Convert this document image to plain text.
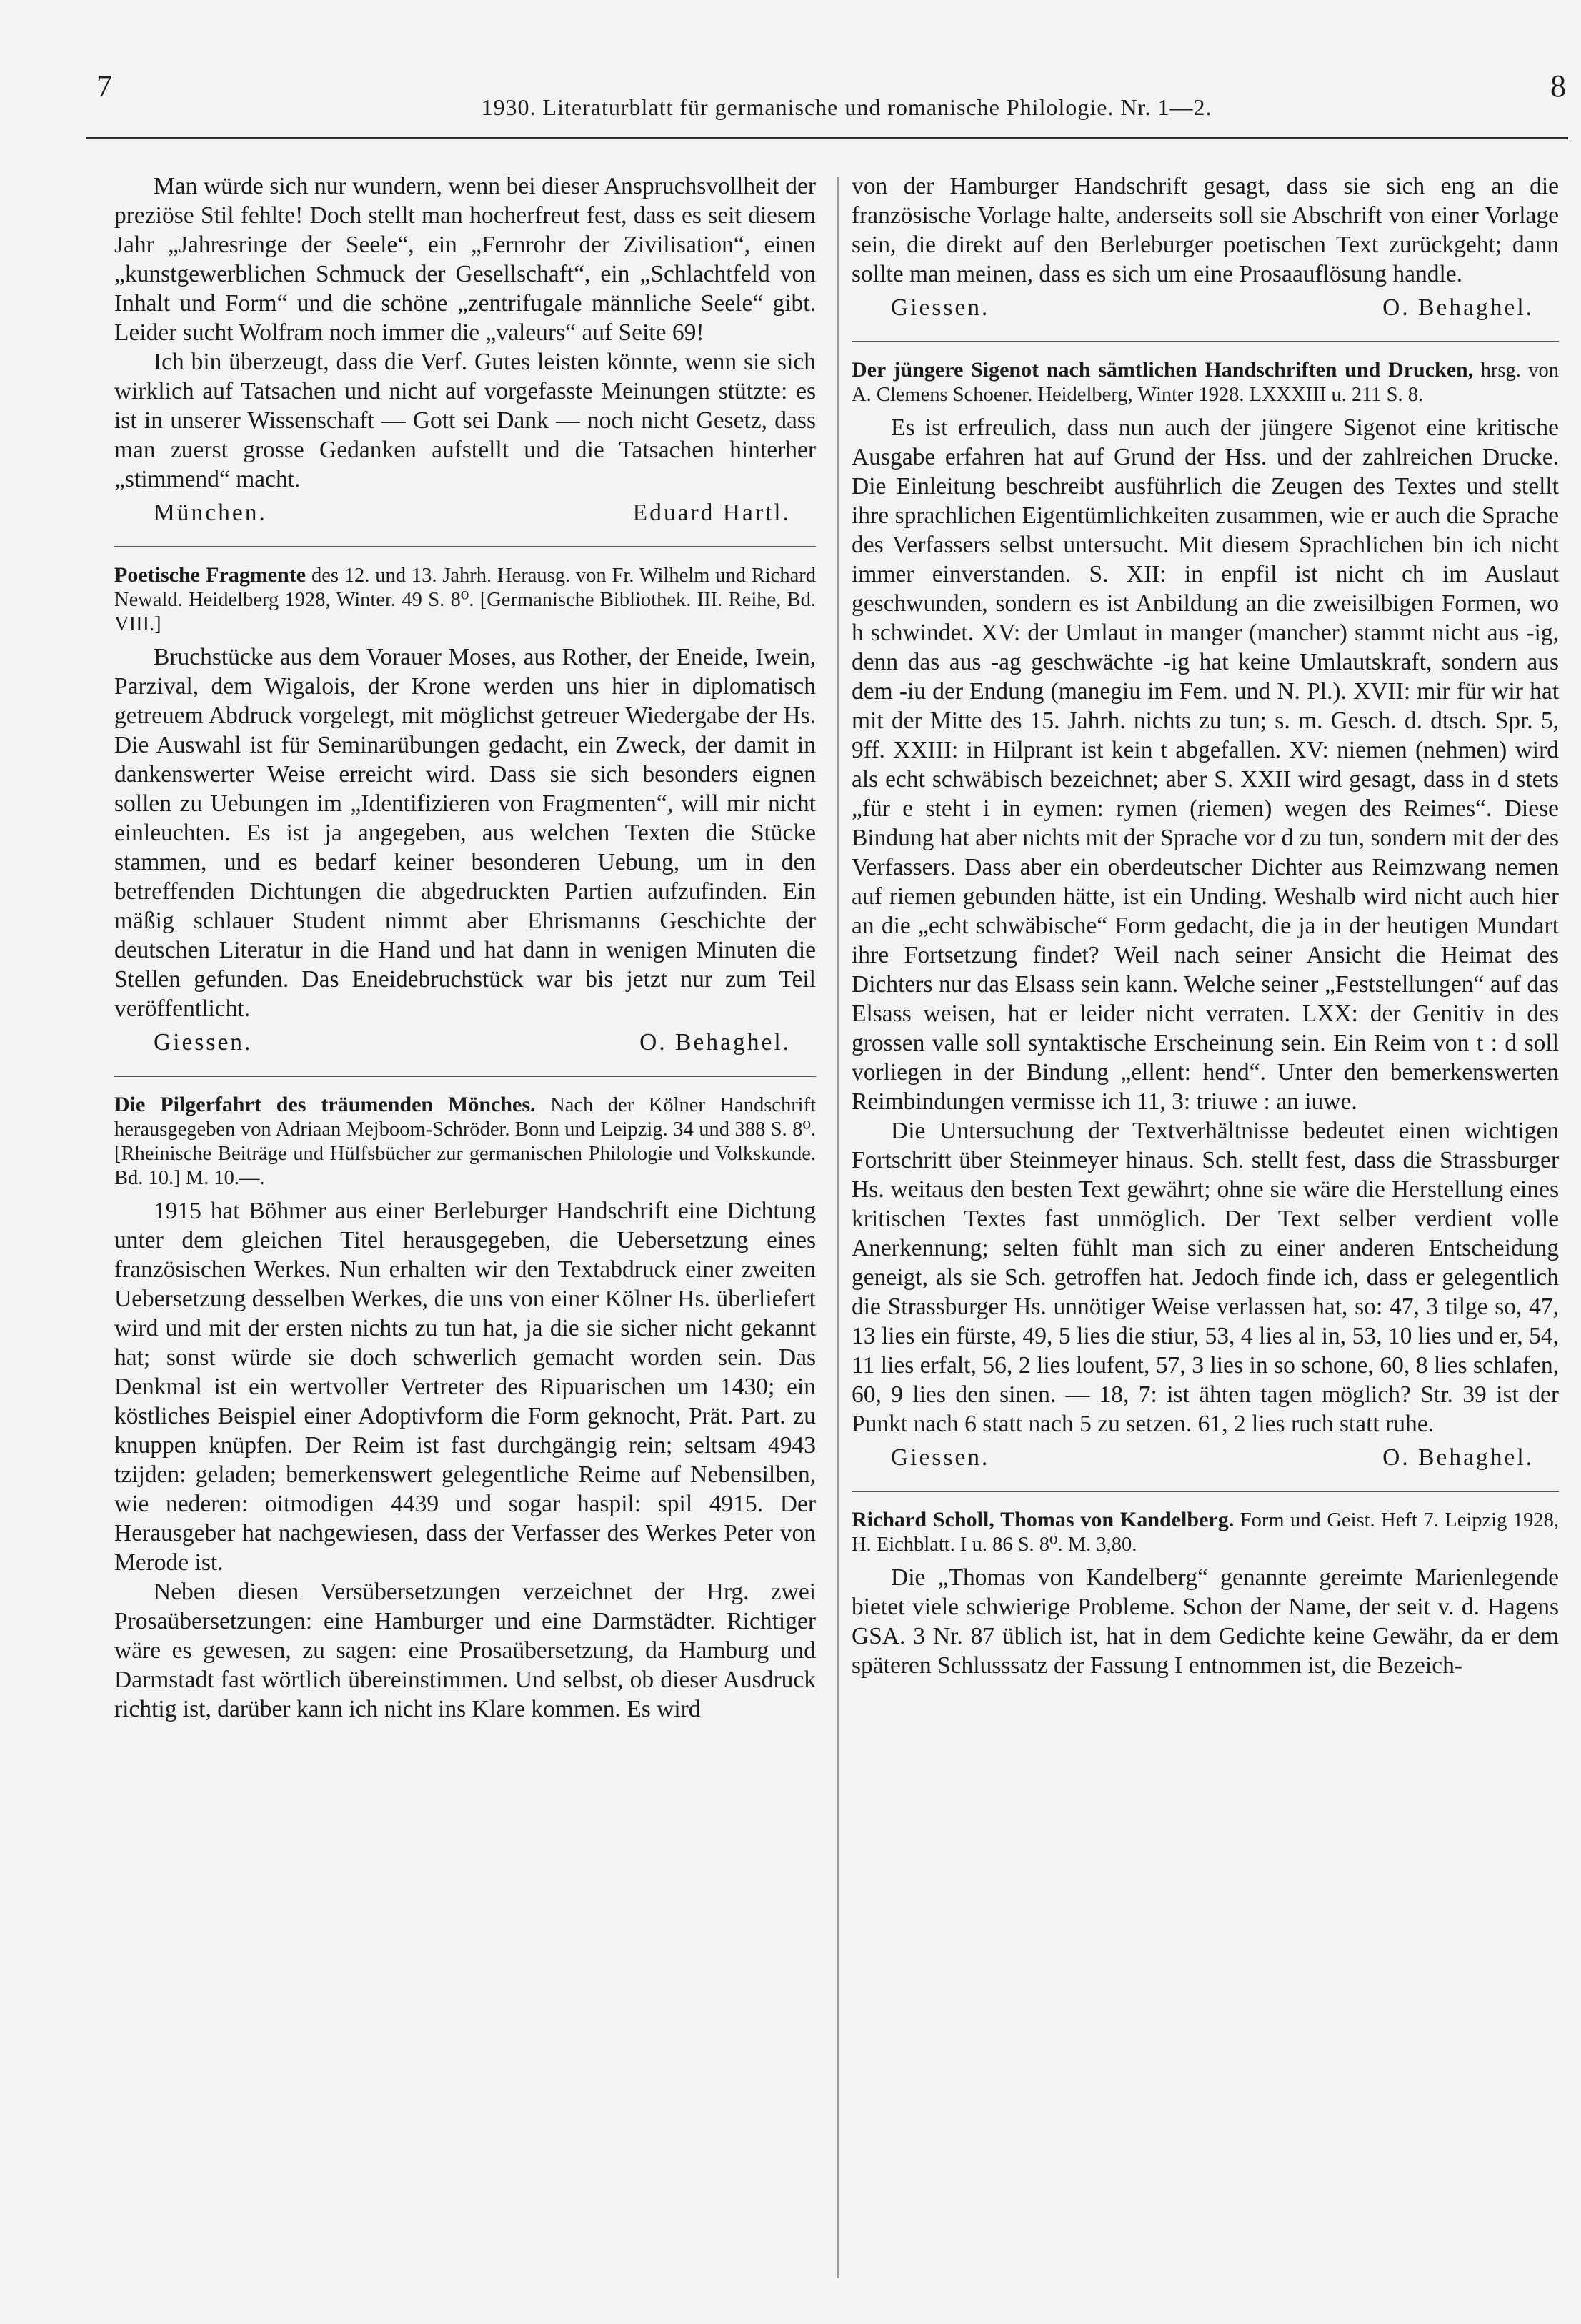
7
1930. Literaturblatt für germanische und romanische Philologie. Nr. 1—2.
8

Man würde sich nur wundern, wenn bei dieser Anspruchsvollheit der preziöse Stil fehlte! Doch stellt man hocherfreut fest, dass es seit diesem Jahr „Jahresringe der Seele“, ein „Fernrohr der Zivilisation“, einen „kunstgewerblichen Schmuck der Gesellschaft“, ein „Schlachtfeld von Inhalt und Form“ und die schöne „zentrifugale männliche Seele“ gibt. Leider sucht Wolfram noch immer die „valeurs“ auf Seite 69!

Ich bin überzeugt, dass die Verf. Gutes leisten könnte, wenn sie sich wirklich auf Tatsachen und nicht auf vorgefasste Meinungen stützte: es ist in unserer Wissenschaft — Gott sei Dank — noch nicht Gesetz, dass man zuerst grosse Gedanken aufstellt und die Tatsachen hinterher „stimmend“ macht.

München.	Eduard Hartl.
Poetische Fragmente des 12. und 13. Jahrh. Herausg. von Fr. Wilhelm und Richard Newald. Heidelberg 1928, Winter. 49 S. 8⁰. [Germanische Bibliothek. III. Reihe, Bd. VIII.]

Bruchstücke aus dem Vorauer Moses, aus Rother, der Eneide, Iwein, Parzival, dem Wigalois, der Krone werden uns hier in diplomatisch getreuem Abdruck vorgelegt, mit möglichst getreuer Wiedergabe der Hs. Die Auswahl ist für Seminarübungen gedacht, ein Zweck, der damit in dankenswerter Weise erreicht wird. Dass sie sich besonders eignen sollen zu Uebungen im „Identifizieren von Fragmenten“, will mir nicht einleuchten. Es ist ja angegeben, aus welchen Texten die Stücke stammen, und es bedarf keiner besonderen Uebung, um in den betreffenden Dichtungen die abgedruckten Partien aufzufinden. Ein mäßig schlauer Student nimmt aber Ehrismanns Geschichte der deutschen Literatur in die Hand und hat dann in wenigen Minuten die Stellen gefunden. Das Eneidebruchstück war bis jetzt nur zum Teil veröffentlicht.

Giessen.	O. Behaghel.
Die Pilgerfahrt des träumenden Mönches. Nach der Kölner Handschrift herausgegeben von Adriaan Mejboom-Schröder. Bonn und Leipzig. 34 und 388 S. 8⁰. [Rheinische Beiträge und Hülfsbücher zur germanischen Philologie und Volkskunde. Bd. 10.] M. 10.—.

1915 hat Böhmer aus einer Berleburger Handschrift eine Dichtung unter dem gleichen Titel herausgegeben, die Uebersetzung eines französischen Werkes. Nun erhalten wir den Textabdruck einer zweiten Uebersetzung desselben Werkes, die uns von einer Kölner Hs. überliefert wird und mit der ersten nichts zu tun hat, ja die sie sicher nicht gekannt hat; sonst würde sie doch schwerlich gemacht worden sein. Das Denkmal ist ein wertvoller Vertreter des Ripuarischen um 1430; ein köstliches Beispiel einer Adoptivform die Form geknocht, Prät. Part. zu knuppen knüpfen. Der Reim ist fast durchgängig rein; seltsam 4943 tzijden: geladen; bemerkenswert gelegentliche Reime auf Nebensilben, wie nederen: oitmodigen 4439 und sogar haspil: spil 4915. Der Herausgeber hat nachgewiesen, dass der Verfasser des Werkes Peter von Merode ist.

Neben diesen Versübersetzungen verzeichnet der Hrg. zwei Prosaübersetzungen: eine Hamburger und eine Darmstädter. Richtiger wäre es gewesen, zu sagen: eine Prosaübersetzung, da Hamburg und Darmstadt fast wörtlich übereinstimmen. Und selbst, ob dieser Ausdruck richtig ist, darüber kann ich nicht ins Klare kommen. Es wird

von der Hamburger Handschrift gesagt, dass sie sich eng an die französische Vorlage halte, anderseits soll sie Abschrift von einer Vorlage sein, die direkt auf den Berleburger poetischen Text zurückgeht; dann sollte man meinen, dass es sich um eine Prosaauflösung handle.

Giessen.	O. Behaghel.
Der jüngere Sigenot nach sämtlichen Handschriften und Drucken, hrsg. von A. Clemens Schoener. Heidelberg, Winter 1928. LXXXIII u. 211 S. 8.

Es ist erfreulich, dass nun auch der jüngere Sigenot eine kritische Ausgabe erfahren hat auf Grund der Hss. und der zahlreichen Drucke. Die Einleitung beschreibt ausführlich die Zeugen des Textes und stellt ihre sprachlichen Eigentümlichkeiten zusammen, wie er auch die Sprache des Verfassers selbst untersucht. Mit diesem Sprachlichen bin ich nicht immer einverstanden. S. XII: in enpfil ist nicht ch im Auslaut geschwunden, sondern es ist Anbildung an die zweisilbigen Formen, wo h schwindet. XV: der Umlaut in manger (mancher) stammt nicht aus -ig, denn das aus -ag geschwächte -ig hat keine Umlautskraft, sondern aus dem -iu der Endung (manegiu im Fem. und N. Pl.). XVII: mir für wir hat mit der Mitte des 15. Jahrh. nichts zu tun; s. m. Gesch. d. dtsch. Spr. 5, 9ff. XXIII: in Hilprant ist kein t abgefallen. XV: niemen (nehmen) wird als echt schwäbisch bezeichnet; aber S. XXII wird gesagt, dass in d stets „für e steht i in eymen: rymen (riemen) wegen des Reimes“. Diese Bindung hat aber nichts mit der Sprache vor d zu tun, sondern mit der des Verfassers. Dass aber ein oberdeutscher Dichter aus Reimzwang nemen auf riemen gebunden hätte, ist ein Unding. Weshalb wird nicht auch hier an die „echt schwäbische“ Form gedacht, die ja in der heutigen Mundart ihre Fortsetzung findet? Weil nach seiner Ansicht die Heimat des Dichters nur das Elsass sein kann. Welche seiner „Feststellungen“ auf das Elsass weisen, hat er leider nicht verraten. LXX: der Genitiv in des grossen valle soll syntaktische Erscheinung sein. Ein Reim von t : d soll vorliegen in der Bindung „ellent: hend“. Unter den bemerkenswerten Reimbindungen vermisse ich 11, 3: triuwe : an iuwe.

Die Untersuchung der Textverhältnisse bedeutet einen wichtigen Fortschritt über Steinmeyer hinaus. Sch. stellt fest, dass die Strassburger Hs. weitaus den besten Text gewährt; ohne sie wäre die Herstellung eines kritischen Textes fast unmöglich. Der Text selber verdient volle Anerkennung; selten fühlt man sich zu einer anderen Entscheidung geneigt, als sie Sch. getroffen hat. Jedoch finde ich, dass er gelegentlich die Strassburger Hs. unnötiger Weise verlassen hat, so: 47, 3 tilge so, 47, 13 lies ein fürste, 49, 5 lies die stiur, 53, 4 lies al in, 53, 10 lies und er, 54, 11 lies erfalt, 56, 2 lies loufent, 57, 3 lies in so schone, 60, 8 lies schlafen, 60, 9 lies den sinen. — 18, 7: ist ähten tagen möglich? Str. 39 ist der Punkt nach 6 statt nach 5 zu setzen. 61, 2 lies ruch statt ruhe.

Giessen.	O. Behaghel.
Richard Scholl, Thomas von Kandelberg. Form und Geist. Heft 7. Leipzig 1928, H. Eichblatt. I u. 86 S. 8⁰. M. 3,80.

Die „Thomas von Kandelberg“ genannte gereimte Marienlegende bietet viele schwierige Probleme. Schon der Name, der seit v. d. Hagens GSA. 3 Nr. 87 üblich ist, hat in dem Gedichte keine Gewähr, da er dem späteren Schlusssatz der Fassung I entnommen ist, die Bezeich-
